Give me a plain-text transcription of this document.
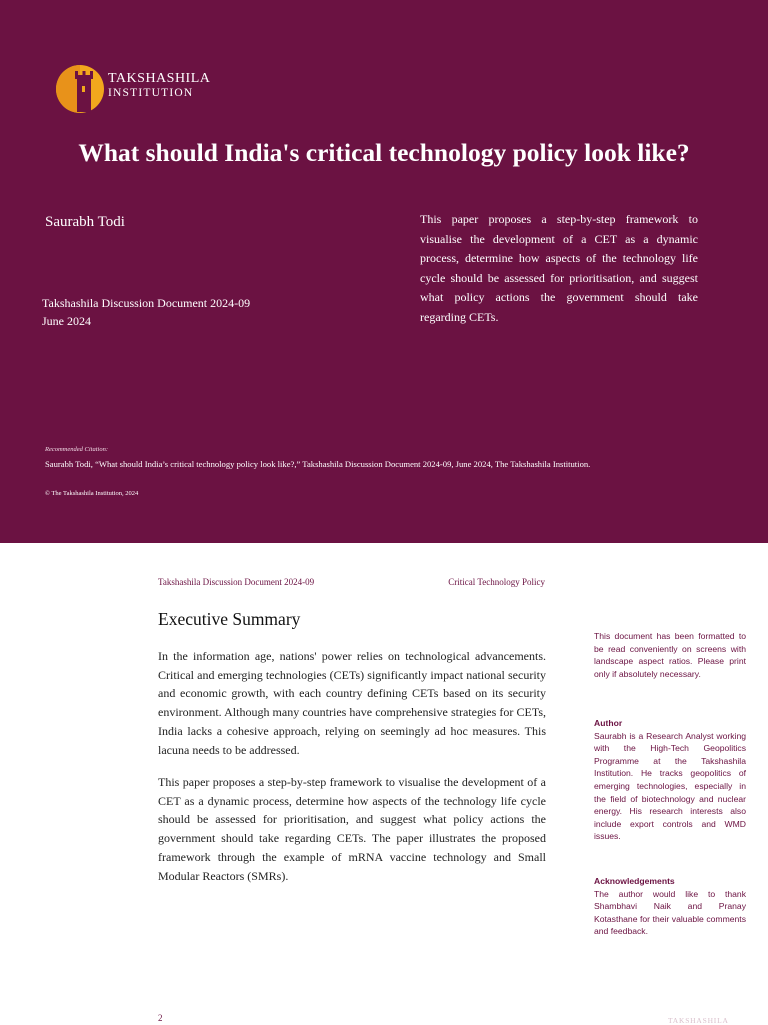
TAKSHASHILA
INSTITUTION
What should India's critical technology policy look like?
Saurabh Todi	This paper proposes a step-by-step framework to visualise the development of a CET as a dynamic process, determine how aspects of the technology life cycle should be assessed for prioritisation, and suggest what policy actions the government should take regarding CETs.
Takshashila Discussion Document 2024-09
June 2024
Recommended Citation:
Saurabh Todi, “What should India’s critical technology policy look like?,” Takshashila Discussion Document 2024-09, June 2024, The Takshashila Institution.
© The Takshashila Institution, 2024
Takshashila Discussion Document 2024-09	Critical Technology Policy
Executive Summary
In the information age, nations' power relies on technological advancements. Critical and emerging technologies (CETs) significantly impact national security and economic growth, with each country defining CETs based on its security environment. Although many countries have comprehensive strategies for CETs, India lacks a cohesive approach, relying on seemingly ad hoc measures. This lacuna needs to be addressed.
This paper proposes a step-by-step framework to visualise the development of a CET as a dynamic process, determine how aspects of the technology life cycle should be assessed for prioritisation, and suggest what policy actions the government should take regarding CETs. The paper illustrates the proposed framework through the example of mRNA vaccine technology and Small Modular Reactors (SMRs).
This document has been formatted to be read conveniently on screens with landscape aspect ratios. Please print only if absolutely necessary.
Author
Saurabh is a Research Analyst working with the High-Tech Geopolitics Programme at the Takshashila Institution. He tracks geopolitics of emerging technologies, especially in the field of biotechnology and nuclear energy. His research interests also include export controls and WMD issues.
Acknowledgements
The author would like to thank Shambhavi Naik and Pranay Kotasthane for their valuable comments and feedback.
2	TAKSHASHILA
